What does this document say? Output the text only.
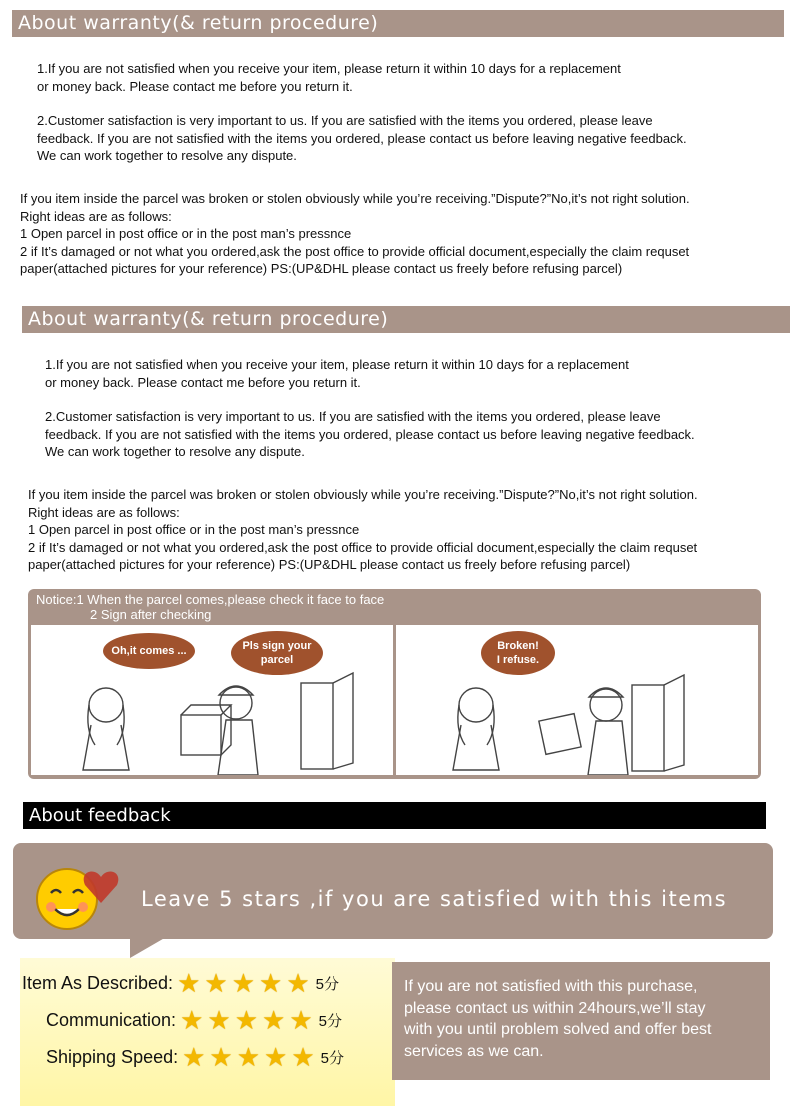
About warranty(& return procedure)

1.If you are not satisfied when you receive your item, please return it within 10 days for a replacement

or money back. Please contact me before you return it.

2.Customer satisfaction is very important to us. If you are satisfied with the items you ordered, please leave

feedback. If you are not satisfied with the items you ordered, please contact us before leaving negative feedback.

We can work together to resolve any dispute.

If you item inside the parcel was broken or stolen obviously while you’re receiving.”Dispute?”No,it’s not right solution.

Right ideas are as follows:

1 Open parcel in post office or in the post man’s pressnce

2 if It’s damaged or not what you ordered,ask the post office to provide official document,especially the claim requset

paper(attached pictures for your reference) PS:(UP&DHL please contact us freely before refusing parcel)

About warranty(& return procedure)

1.If you are not satisfied when you receive your item, please return it within 10 days for a replacement

or money back. Please contact me before you return it.

2.Customer satisfaction is very important to us. If you are satisfied with the items you ordered, please leave

feedback. If you are not satisfied with the items you ordered, please contact us before leaving negative feedback.

We can work together to resolve any dispute.

If you item inside the parcel was broken or stolen obviously while you’re receiving.”Dispute?”No,it’s not right solution.

Right ideas are as follows:

1 Open parcel in post office or in the post man’s pressnce

2 if It’s damaged or not what you ordered,ask the post office to provide official document,especially the claim requset

paper(attached pictures for your reference) PS:(UP&DHL please contact us freely before refusing parcel)

Notice:1 When the parcel comes,please check it face to face
2 Sign after checking
Oh,it comes ...	Pls sign your
parcel
Broken!
I refuse.
About feedback
Leave 5 stars ,if you are satisfied with this items
Item As Described: ★ ★ ★ ★ ★ 5分
Communication: ★ ★ ★ ★ ★ 5分
Shipping Speed: ★ ★ ★ ★ ★ 5分
If you are not satisfied with this purchase,
please contact us within 24hours,we’ll stay
with you until problem solved and offer best
services as we can.
